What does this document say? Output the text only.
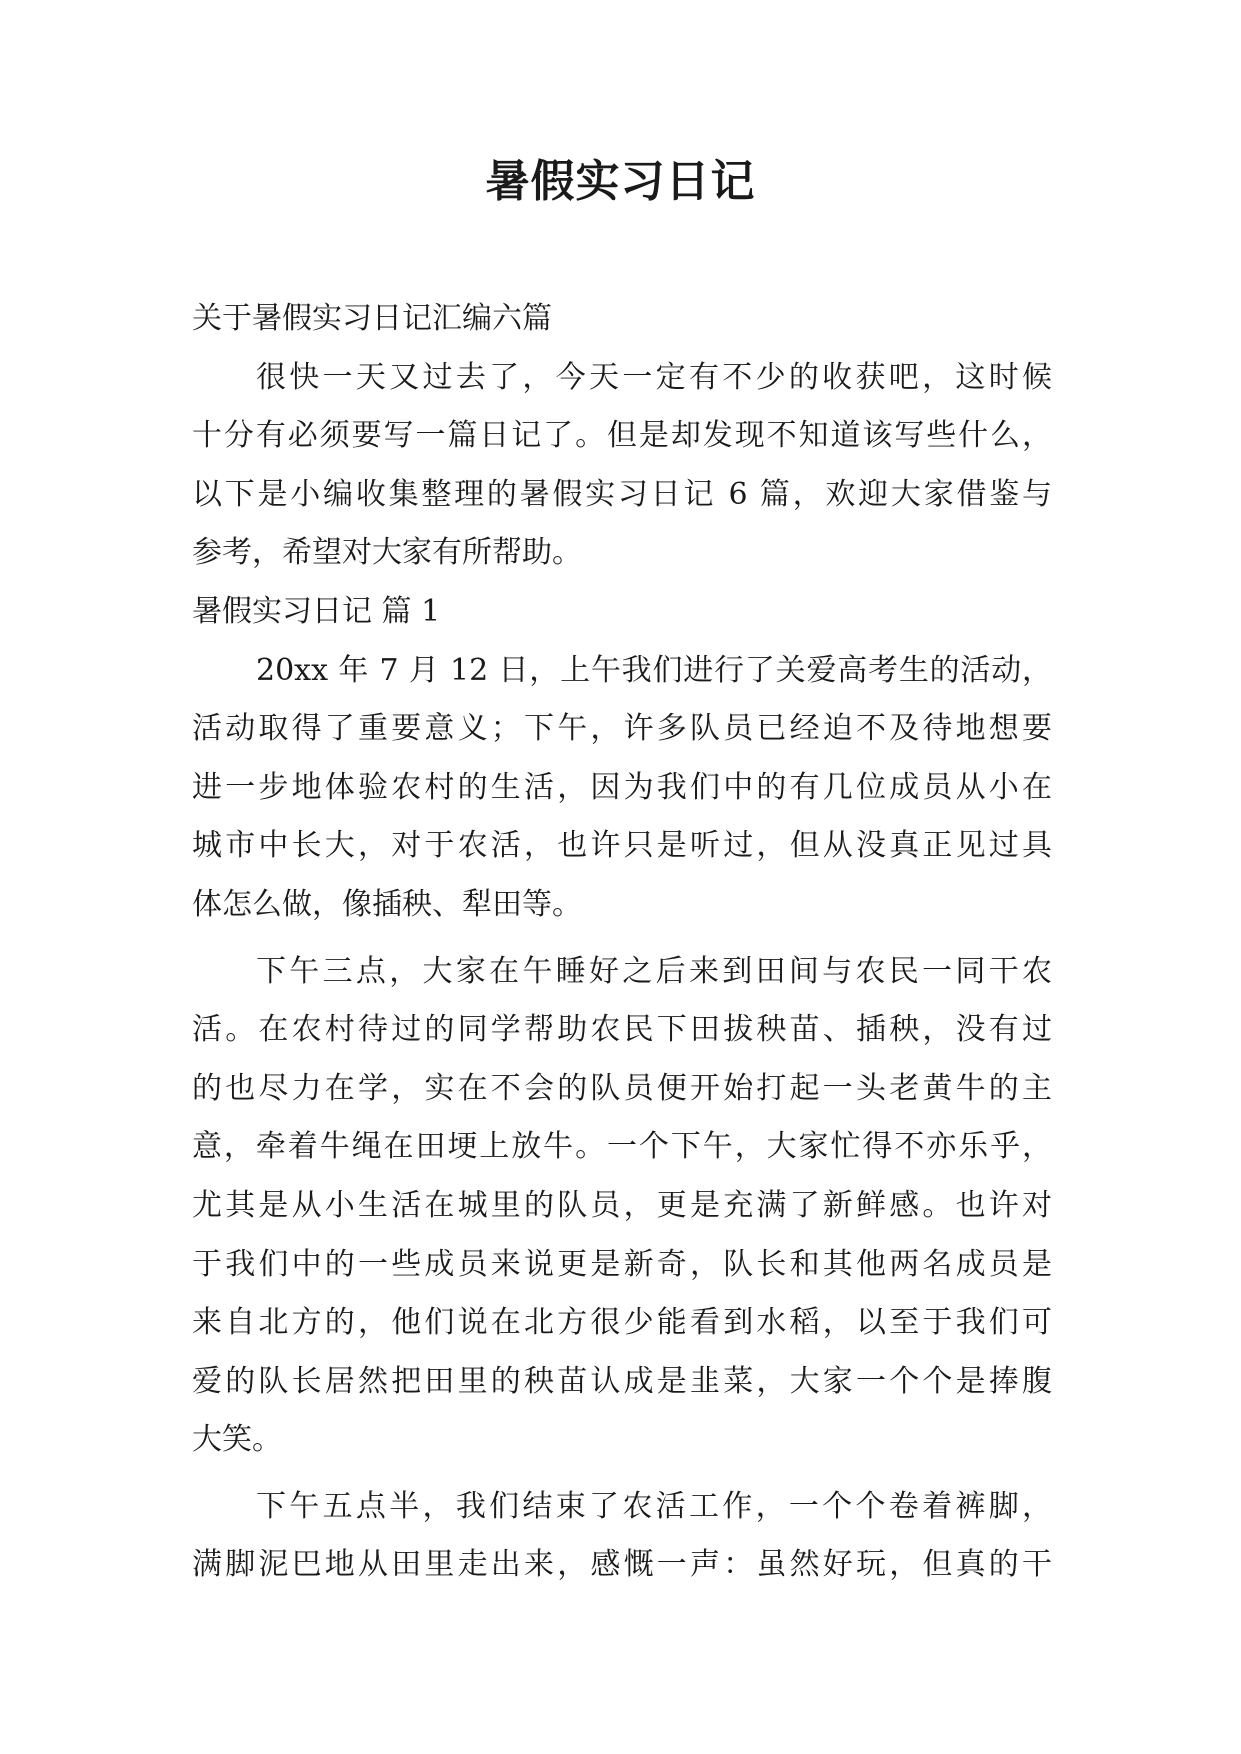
暑假实习日记
关于暑假实习日记汇编六篇
很快一天又过去了，今天一定有不少的收获吧，这时候
十分有必须要写一篇日记了。但是却发现不知道该写些什么，
以下是小编收集整理的暑假实习日记 6 篇，欢迎大家借鉴与
参考，希望对大家有所帮助。
暑假实习日记 篇 1
20xx 年 7 月 12 日，上午我们进行了关爱高考生的活动，
活动取得了重要意义；下午，许多队员已经迫不及待地想要
进一步地体验农村的生活，因为我们中的有几位成员从小在
城市中长大，对于农活，也许只是听过，但从没真正见过具
体怎么做，像插秧、犁田等。
下午三点，大家在午睡好之后来到田间与农民一同干农
活。在农村待过的同学帮助农民下田拔秧苗、插秧，没有过
的也尽力在学，实在不会的队员便开始打起一头老黄牛的主
意，牵着牛绳在田埂上放牛。一个下午，大家忙得不亦乐乎，
尤其是从小生活在城里的队员，更是充满了新鲜感。也许对
于我们中的一些成员来说更是新奇，队长和其他两名成员是
来自北方的，他们说在北方很少能看到水稻，以至于我们可
爱的队长居然把田里的秧苗认成是韭菜，大家一个个是捧腹
大笑。
下午五点半，我们结束了农活工作，一个个卷着裤脚，
满脚泥巴地从田里走出来，感慨一声：虽然好玩，但真的干
